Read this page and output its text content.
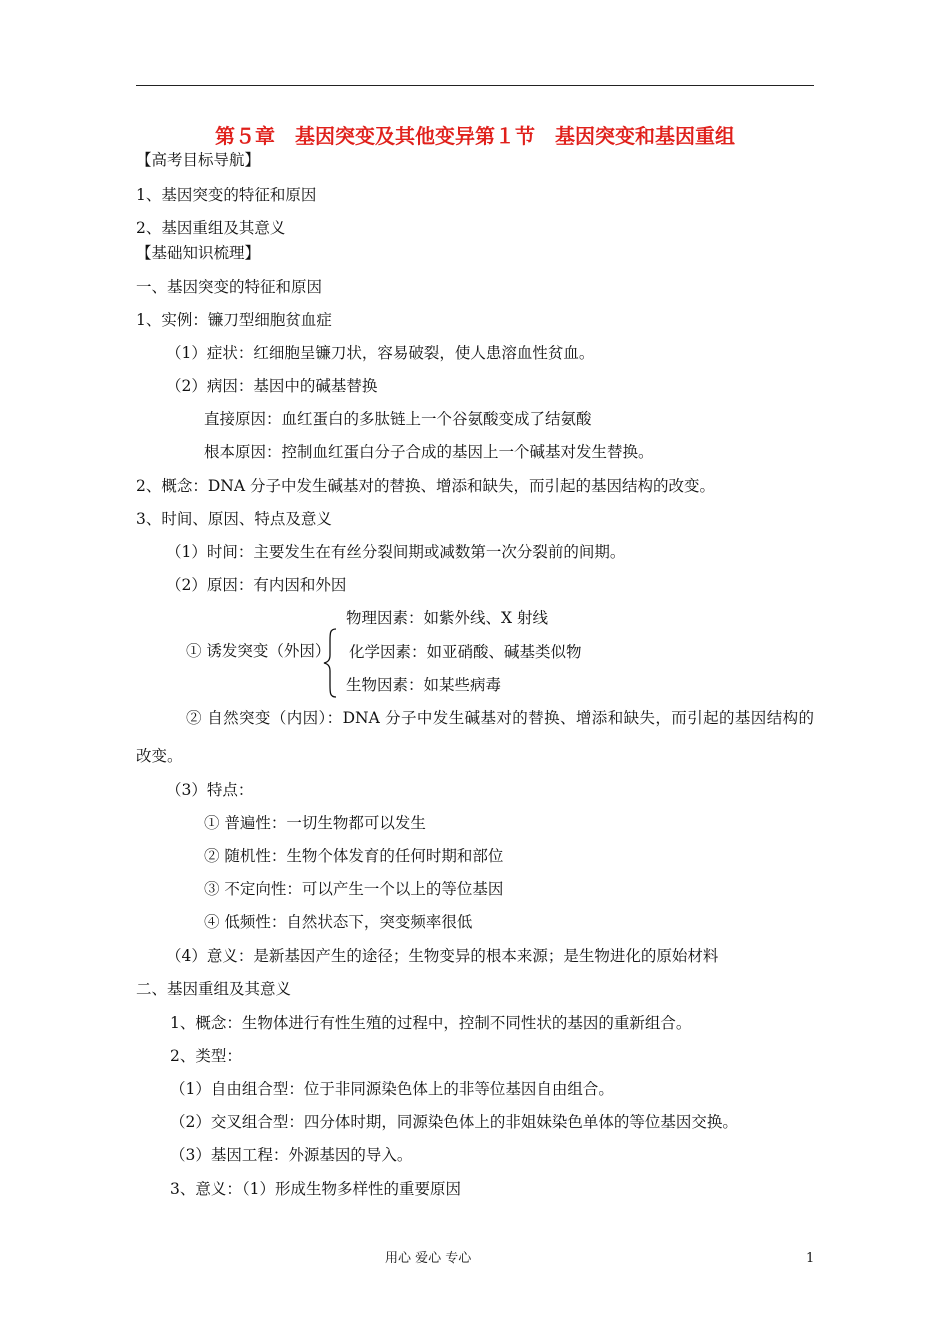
第５章　基因突变及其他变异第１节　基因突变和基因重组
【高考目标导航】
1、基因突变的特征和原因
2、基因重组及其意义
【基础知识梳理】
一、基因突变的特征和原因
1、实例：镰刀型细胞贫血症
（1）症状：红细胞呈镰刀状，容易破裂，使人患溶血性贫血。
（2）病因：基因中的碱基替换
直接原因：血红蛋白的多肽链上一个谷氨酸变成了结氨酸
根本原因：控制血红蛋白分子合成的基因上一个碱基对发生替换。
2、概念：DNA 分子中发生碱基对的替换、增添和缺失，而引起的基因结构的改变。
3、时间、原因、特点及意义
（1）时间：主要发生在有丝分裂间期或减数第一次分裂前的间期。
（2）原因：有内因和外因
物理因素：如紫外线、X 射线
① 诱发突变（外因） 化学因素：如亚硝酸、碱基类似物
生物因素：如某些病毒
② 自然突变（内因）：DNA 分子中发生碱基对的替换、增添和缺失，而引起的基因结构的
改变。
（3）特点：
① 普遍性：一切生物都可以发生
② 随机性：生物个体发育的任何时期和部位
③ 不定向性：可以产生一个以上的等位基因
④ 低频性：自然状态下，突变频率很低
（4）意义：是新基因产生的途径；生物变异的根本来源；是生物进化的原始材料
二、基因重组及其意义
1、概念：生物体进行有性生殖的过程中，控制不同性状的基因的重新组合。
2、类型：
（1）自由组合型：位于非同源染色体上的非等位基因自由组合。
（2）交叉组合型：四分体时期，同源染色体上的非姐妹染色单体的等位基因交换。
（3）基因工程：外源基因的导入。
3、意义：（1）形成生物多样性的重要原因
用心 爱心 专心	1
